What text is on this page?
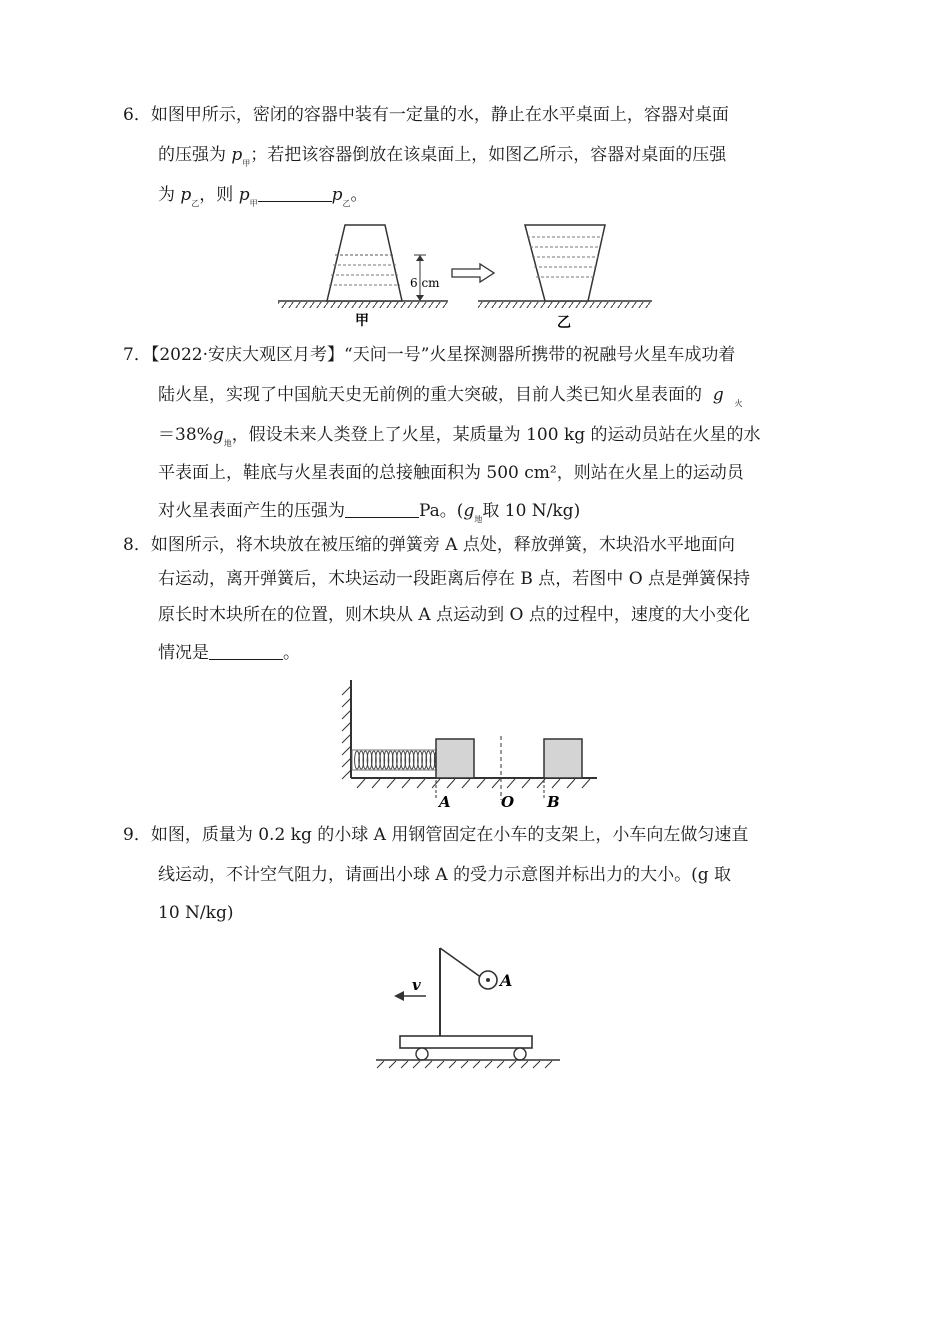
6．如图甲所示，密闭的容器中装有一定量的水，静止在水平桌面上，容器对桌面
的压强为 $p_甲$；若把该容器倒放在该桌面上，如图乙所示，容器对桌面的压强
为 $p_乙$，则 $p_甲$	$p_乙$。
6 cm
甲	乙
7．【2022·安庆大观区月考】“天问一号”火星探测器所携带的祝融号火星车成功着
陆火星，实现了中国航天史无前例的重大突破，目前人类已知火星表面的 g $_火$
$=38\%g_地$，假设未来人类登上了火星，某质量为 100 kg 的运动员站在火星的水
平表面上，鞋底与火星表面的总接触面积为 500 cm²，则站在火星上的运动员
对火星表面产生的压强为	Pa。($g_地$取 10 N/kg)
8．如图所示，将木块放在被压缩的弹簧旁 A 点处，释放弹簧，木块沿水平地面向
右运动，离开弹簧后，木块运动一段距离后停在 B 点，若图中 O 点是弹簧保持
原长时木块所在的位置，则木块从 A 点运动到 O 点的过程中，速度的大小变化
情况是	。
A	O B
9．如图，质量为 0.2 kg 的小球 A 用钢管固定在小车的支架上，小车向左做匀速直
线运动，不计空气阻力，请画出小球 A 的受力示意图并标出力的大小。(g 取
10 N/kg)
A
v
